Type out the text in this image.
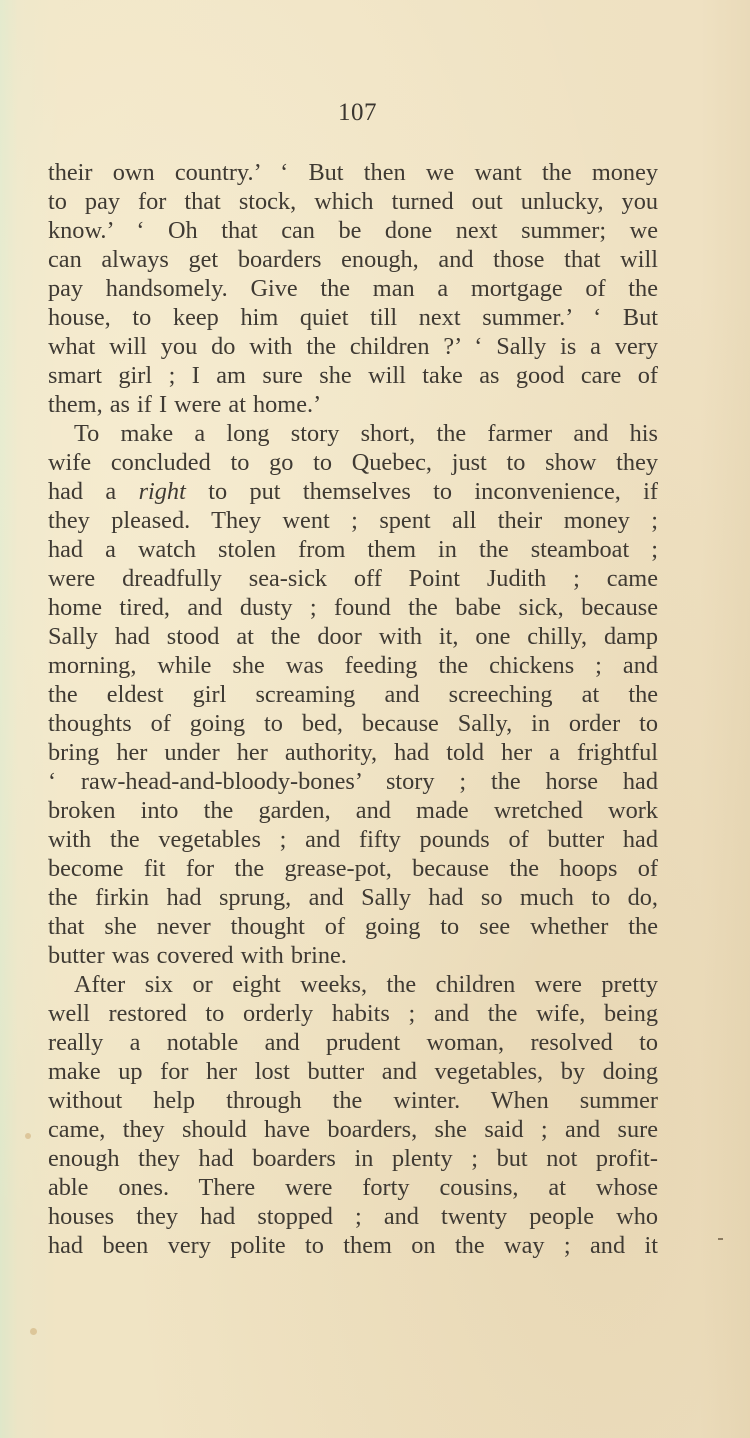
107
their own country.’ ‘ But then we want the money
to pay for that stock, which turned out unlucky, you
know.’ ‘ Oh that can be done next summer; we
can always get boarders enough, and those that will
pay handsomely. Give the man a mortgage of the
house, to keep him quiet till next summer.’ ‘ But
what will you do with the children ?’ ‘ Sally is a very
smart girl ; I am sure she will take as good care of
them, as if I were at home.’
To make a long story short, the farmer and his
wife concluded to go to Quebec, just to show they
had a right to put themselves to inconvenience, if
they pleased. They went ; spent all their money ;
had a watch stolen from them in the steamboat ;
were dreadfully sea-sick off Point Judith ; came
home tired, and dusty ; found the babe sick, because
Sally had stood at the door with it, one chilly, damp
morning, while she was feeding the chickens ; and
the eldest girl screaming and screeching at the
thoughts of going to bed, because Sally, in order to
bring her under her authority, had told her a frightful
‘ raw-head-and-bloody-bones’ story ; the horse had
broken into the garden, and made wretched work
with the vegetables ; and fifty pounds of butter had
become fit for the grease-pot, because the hoops of
the firkin had sprung, and Sally had so much to do,
that she never thought of going to see whether the
butter was covered with brine.
After six or eight weeks, the children were pretty
well restored to orderly habits ; and the wife, being
really a notable and prudent woman, resolved to
make up for her lost butter and vegetables, by doing
without help through the winter. When summer
came, they should have boarders, she said ; and sure
enough they had boarders in plenty ; but not profit-
able ones. There were forty cousins, at whose
houses they had stopped ; and twenty people who
had been very polite to them on the way ; and it
